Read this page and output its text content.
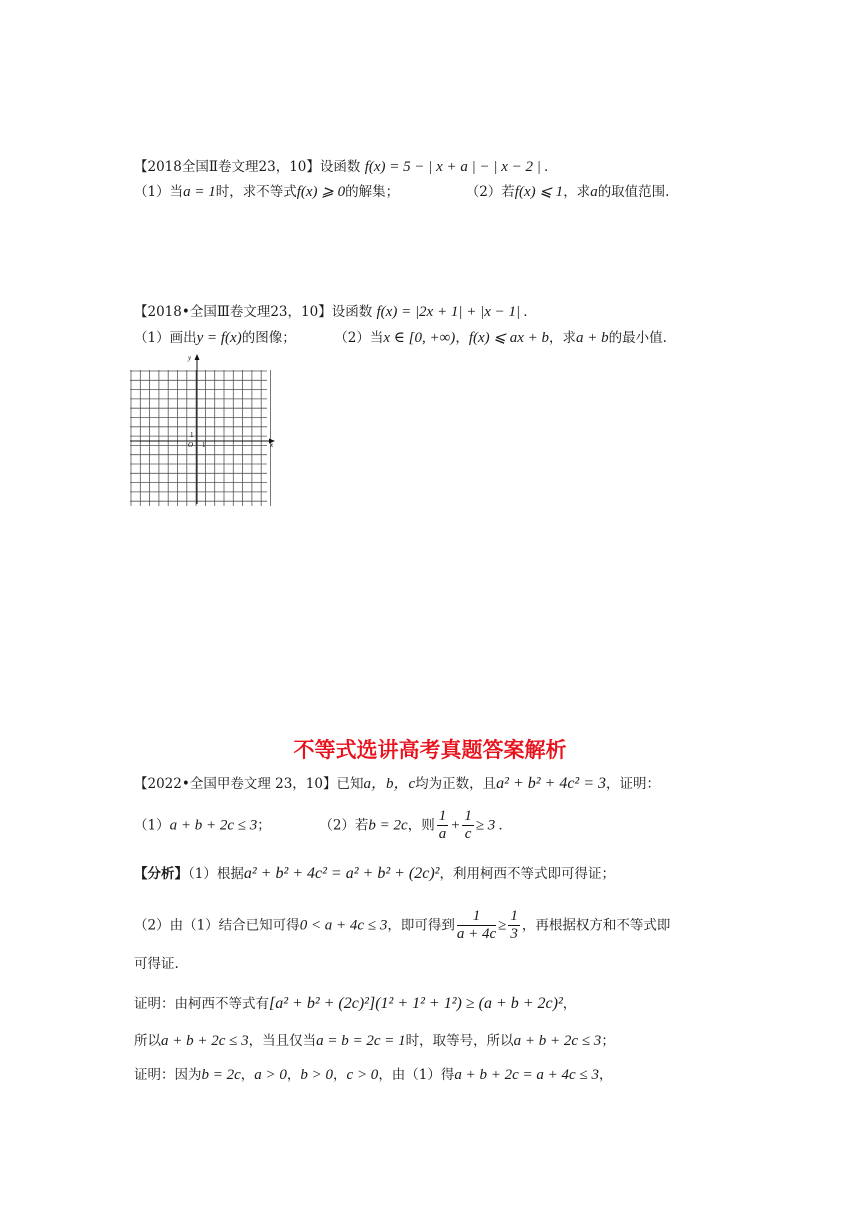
【2018全国Ⅱ卷文理23，10】设函数 f(x) = 5 − | x + a | − | x − 2 | .
（1）当a = 1时，求不等式f(x) ⩾ 0的解集；	（2）若f(x) ⩽ 1，求a的取值范围.
【2018•全国Ⅲ卷文理23，10】设函数 f(x) = |2x + 1| + |x − 1| .
（1）画出y = f(x)的图像；	（2）当x ∈ [0, +∞)，f(x) ⩽ ax + b，求a + b的最小值.
x
y
O 1
1
不等式选讲高考真题答案解析
【2022•全国甲卷文理 23，10】已知a，b，c均为正数，且a² + b² + 4c² = 3，证明：
（1）a + b + 2c ≤ 3；	（2）若b = 2c，则 $\frac{1}{a} + \frac{1}{c} \ge 3$ .
【分析】（1）根据a² + b² + 4c² = a² + b² + (2c)²，利用柯西不等式即可得证；
（2）由（1）结合已知可得0 < a + 4c ≤ 3，即可得到 $\frac{1}{a + 4c} \ge \frac{1}{3}$ ，再根据权方和不等式即
可得证.
证明：由柯西不等式有[a² + b² + (2c)²](1² + 1² + 1²) ≥ (a + b + 2c)²，
所以a + b + 2c ≤ 3，当且仅当a = b = 2c = 1时，取等号，所以a + b + 2c ≤ 3；
证明：因为b = 2c，a > 0，b > 0，c > 0，由（1）得a + b + 2c = a + 4c ≤ 3，
